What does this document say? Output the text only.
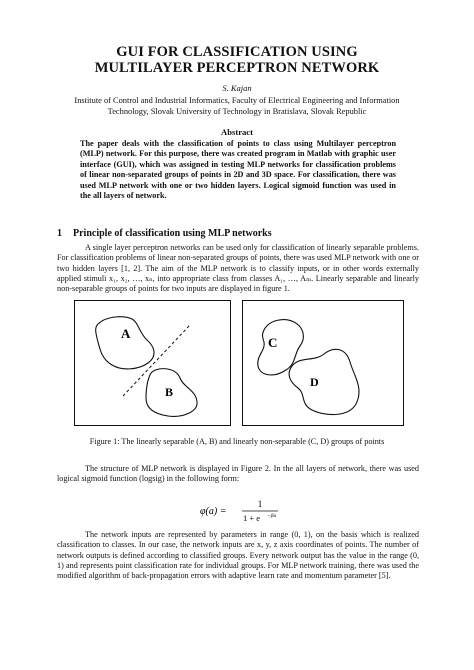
GUI FOR CLASSIFICATION USING
MULTILAYER PERCEPTRON NETWORK
S. Kajan
Institute of Control and Industrial Informatics, Faculty of Electrical Engineering and Information Technology, Slovak University of Technology in Bratislava, Slovak Republic
Abstract
The paper deals with the classification of points to class using Multilayer perceptron (MLP) network. For this purpose, there was created program in Matlab with graphic user interface (GUI), which was assigned in testing MLP networks for classification problems of linear non-separated groups of points in 2D and 3D space. For classification, there was used MLP network with one or two hidden layers. Logical sigmoid function was used in the all layers of network.
1 Principle of classification using MLP networks
A single layer perceptron networks can be used only for classification of linearly separable problems. For classification problems of linear non-separated groups of points, there was used MLP network with one or two hidden layers [1, 2]. The aim of the MLP network is to classify inputs, or in other words externally applied stimuli x₁, x₂, …, xₙ, into appropriate class from classes A₁, …, Aₘ. Linearly separable and linearly non-separable groups of points for two inputs are displayed in figure 1.
A
B
C
D
Figure 1: The linearly separable (A, B) and linearly non-separable (C, D) groups of points
The structure of MLP network is displayed in Figure 2. In the all layers of network, there was used logical sigmoid function (logsig) in the following form:
φ(a) =
1
1 + e −βa
The network inputs are represented by parameters in range (0, 1), on the basis which is realized classification to classes. In our case, the network inputs are x, y, z axis coordinates of points. The number of network outputs is defined according to classified groups. Every network output has the value in the range (0, 1) and represents point classification rate for individual groups. For MLP network training, there was used the modified algorithm of back-propagation errors with adaptive learn rate and momentum parameter [5].
